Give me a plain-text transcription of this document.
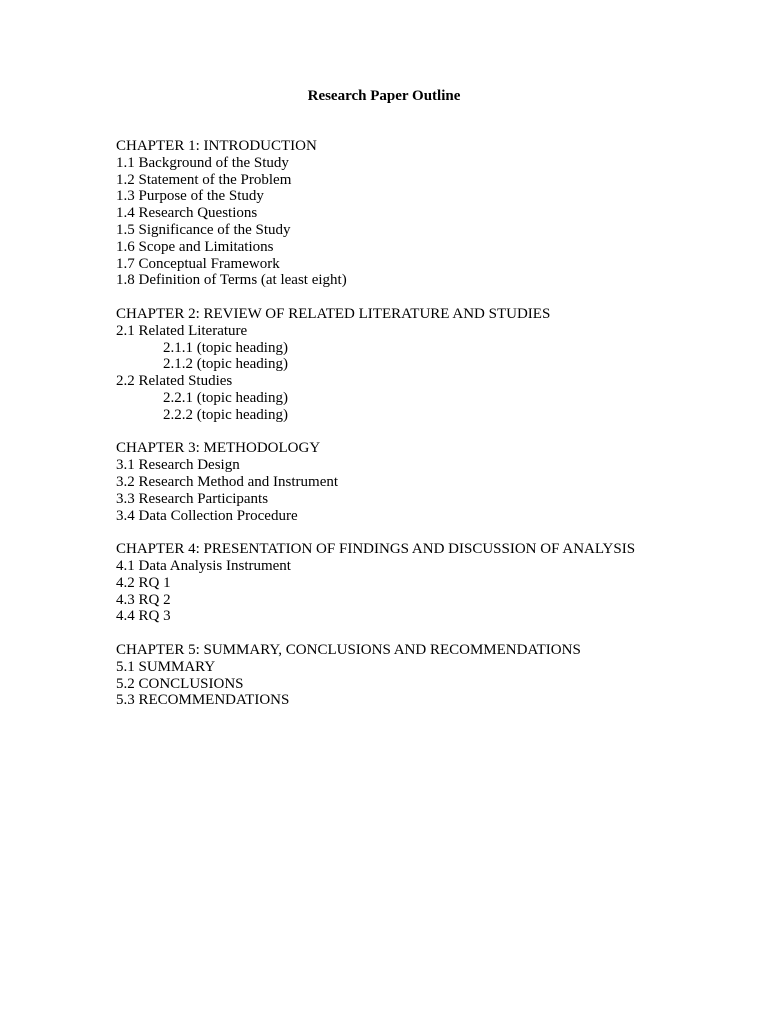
Research Paper Outline
CHAPTER 1: INTRODUCTION
1.1 Background of the Study
1.2 Statement of the Problem
1.3 Purpose of the Study
1.4 Research Questions
1.5 Significance of the Study
1.6 Scope and Limitations
1.7 Conceptual Framework
1.8 Definition of Terms (at least eight)
CHAPTER 2: REVIEW OF RELATED LITERATURE AND STUDIES
2.1 Related Literature
2.1.1 (topic heading)
2.1.2 (topic heading)
2.2 Related Studies
2.2.1 (topic heading)
2.2.2 (topic heading)
CHAPTER 3: METHODOLOGY
3.1 Research Design
3.2 Research Method and Instrument
3.3 Research Participants
3.4 Data Collection Procedure
CHAPTER 4: PRESENTATION OF FINDINGS AND DISCUSSION OF ANALYSIS
4.1 Data Analysis Instrument
4.2 RQ 1
4.3 RQ 2
4.4 RQ 3
CHAPTER 5: SUMMARY, CONCLUSIONS AND RECOMMENDATIONS
5.1 SUMMARY
5.2 CONCLUSIONS
5.3 RECOMMENDATIONS
